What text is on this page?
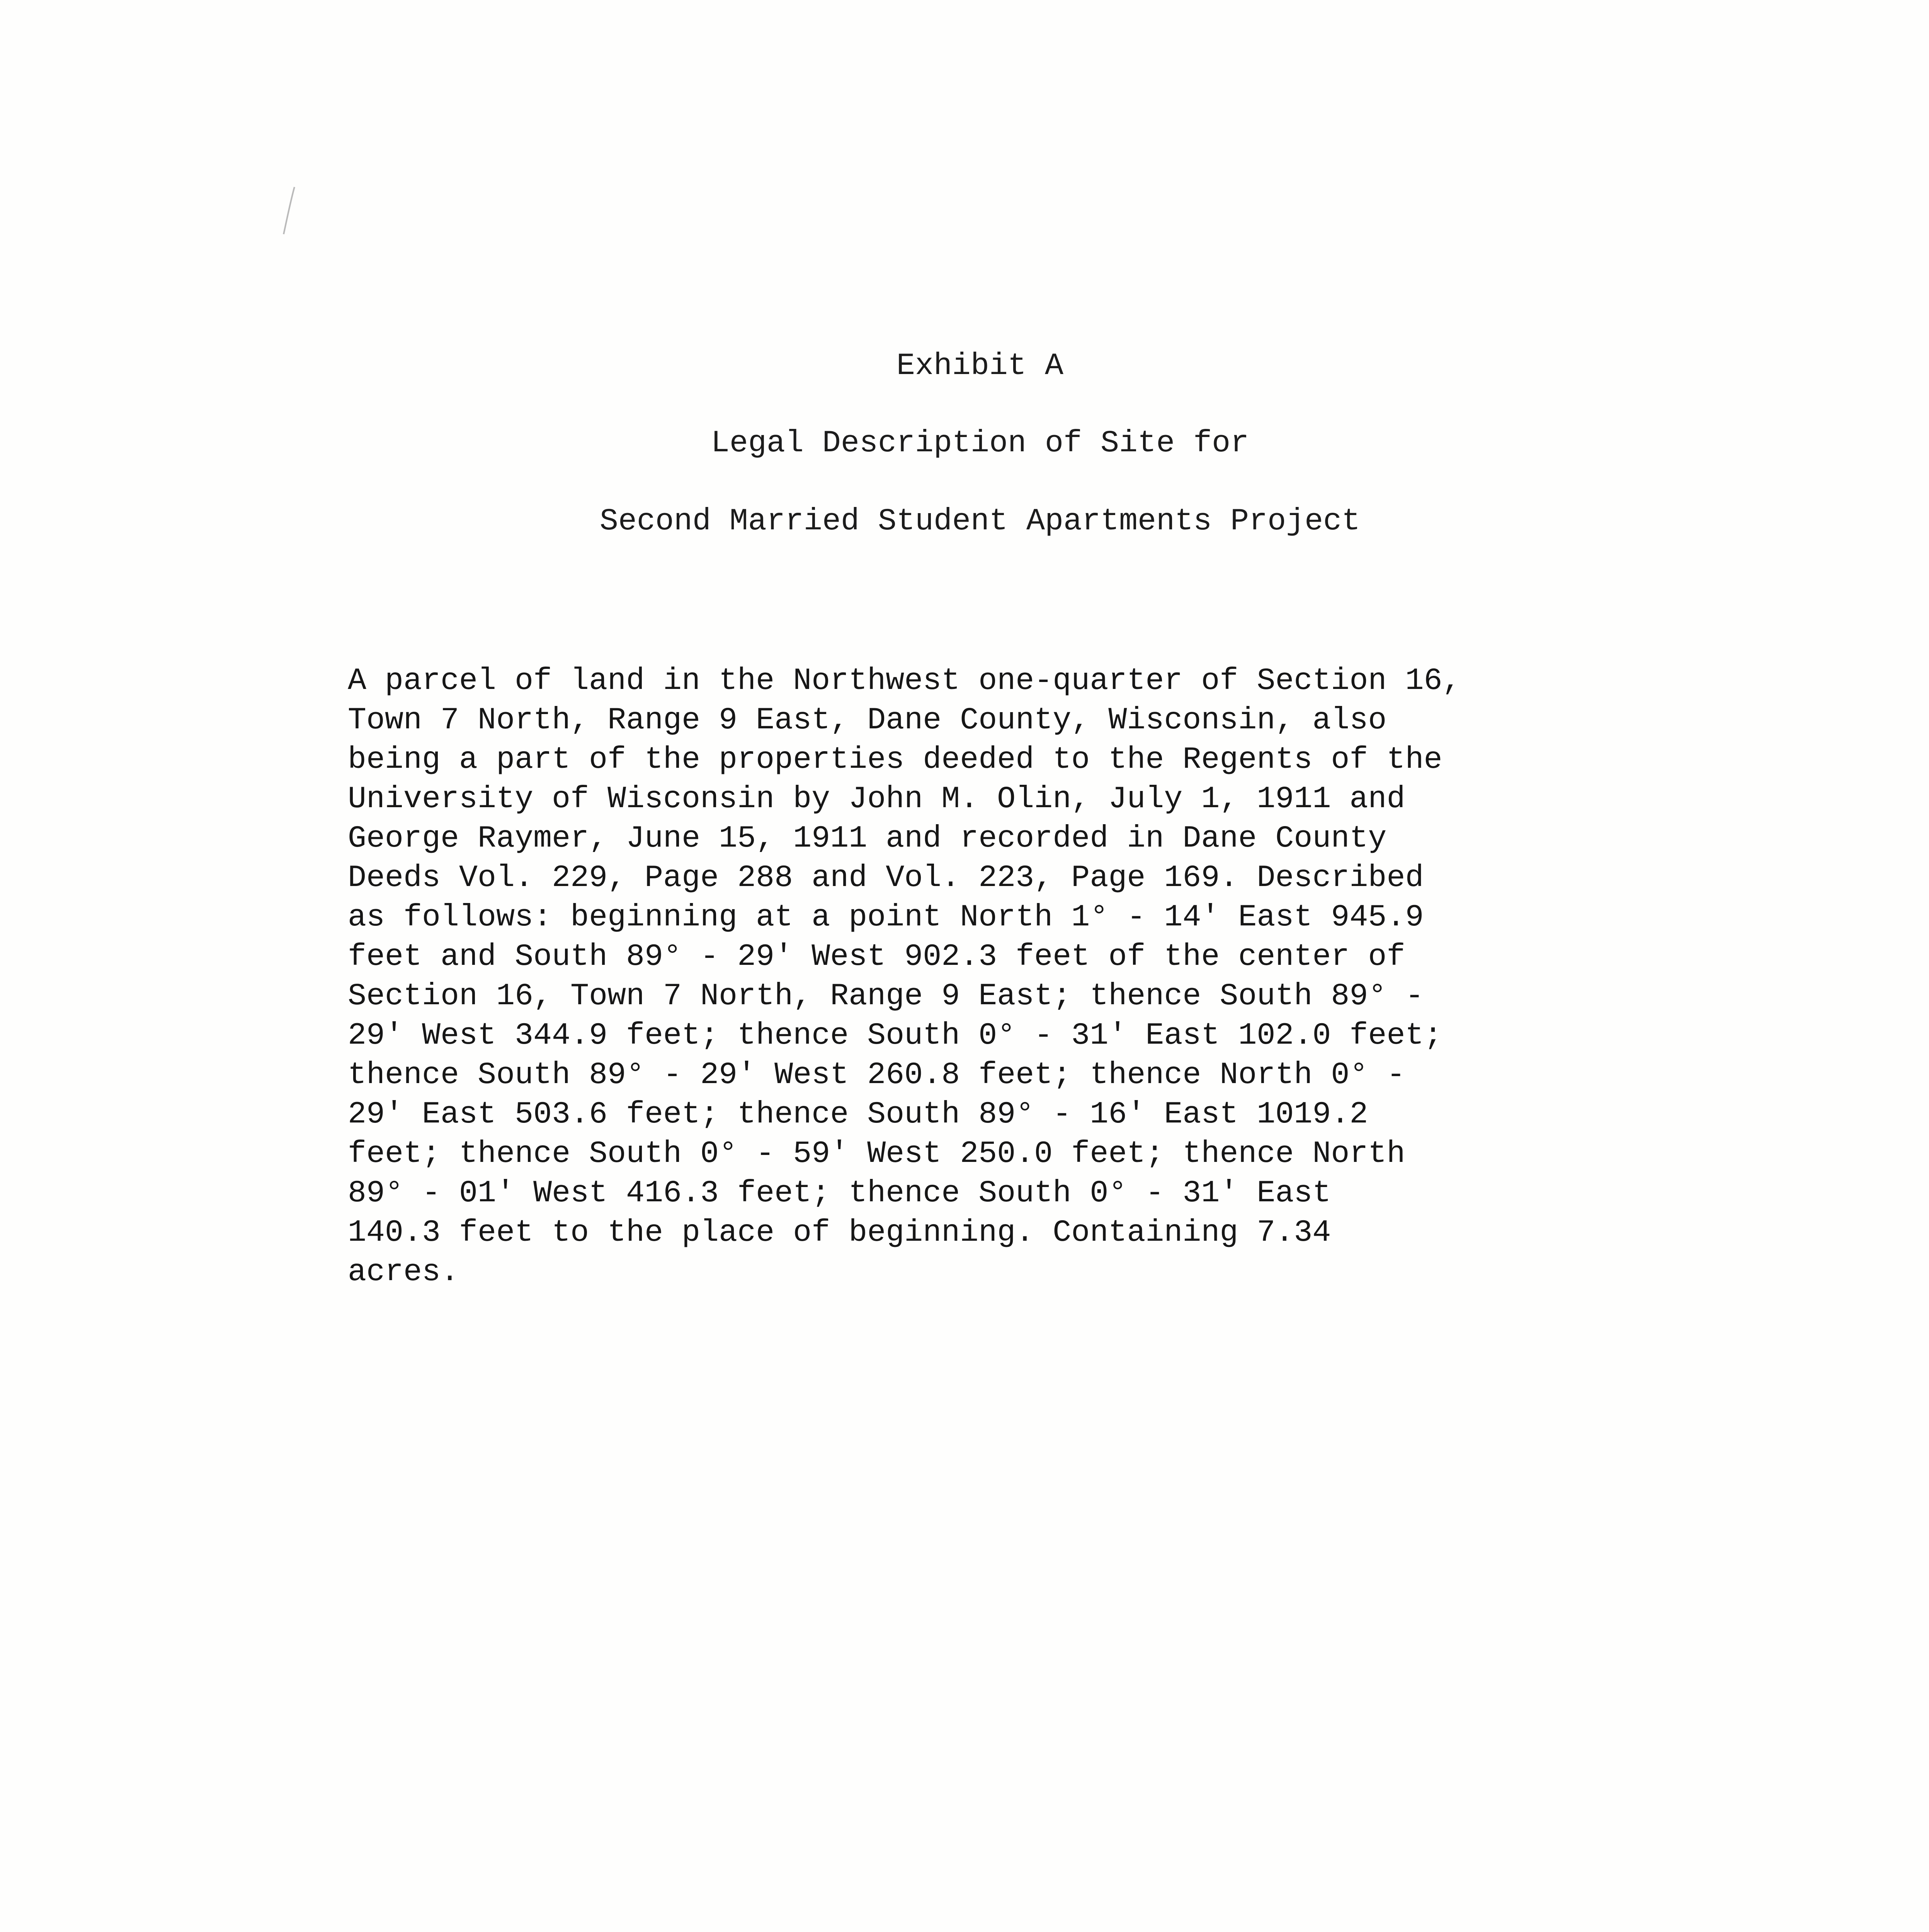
Exhibit A
Legal Description of Site for
Second Married Student Apartments Project
A parcel of land in the Northwest one-quarter of Section 16,
Town 7 North, Range 9 East, Dane County, Wisconsin, also
being a part of the properties deeded to the Regents of the
University of Wisconsin by John M. Olin, July 1, 1911 and
George Raymer, June 15, 1911 and recorded in Dane County
Deeds Vol. 229, Page 288 and Vol. 223, Page 169. Described
as follows: beginning at a point North 1° - 14' East 945.9
feet and South 89° - 29' West 902.3 feet of the center of
Section 16, Town 7 North, Range 9 East; thence South 89° -
29' West 344.9 feet; thence South 0° - 31' East 102.0 feet;
thence South 89° - 29' West 260.8 feet; thence North 0° -
29' East 503.6 feet; thence South 89° - 16' East 1019.2
feet; thence South 0° - 59' West 250.0 feet; thence North
89° - 01' West 416.3 feet; thence South 0° - 31' East
140.3 feet to the place of beginning. Containing 7.34
acres.
